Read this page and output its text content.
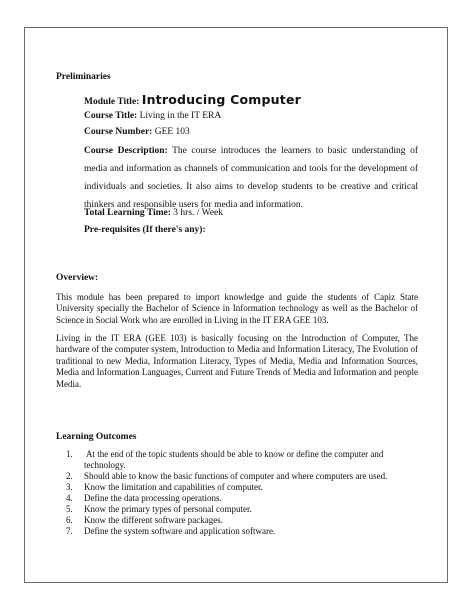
Preliminaries
Module Title: Introducing Computer
Course Title: Living in the IT ERA
Course Number: GEE 103
Course Description: The course introduces the learners to basic understanding of media and information as channels of communication and tools for the development of individuals and societies. It also aims to develop students to be creative and critical thinkers and responsible users for media and information.
Total Learning Time: 3 hrs. / Week
Pre-requisites (If there's any):
Overview:
This module has been prepared to import knowledge and guide the students of Capiz State University specially the Bachelor of Science in Information technology as well as the Bachelor of Science in Social Work who are enrolled in Living in the IT ERA GEE 103.
Living in the IT ERA (GEE 103) is basically focusing on the Introduction of Computer, The hardware of the computer system, Introduction to Media and Information Literacy, The Evolution of traditional to new Media, Information Literacy, Types of Media, Media and Information Sources, Media and Information Languages, Current and Future Trends of Media and Information and people Media.
Learning Outcomes
1. At the end of the topic students should be able to know or define the computer and technology.
2. Should able to know the basic functions of computer and where computers are used.
3. Know the limitation and capabilities of computer.
4. Define the data processing operations.
5. Know the primary types of personal computer.
6. Know the different software packages.
7. Define the system software and application software.
